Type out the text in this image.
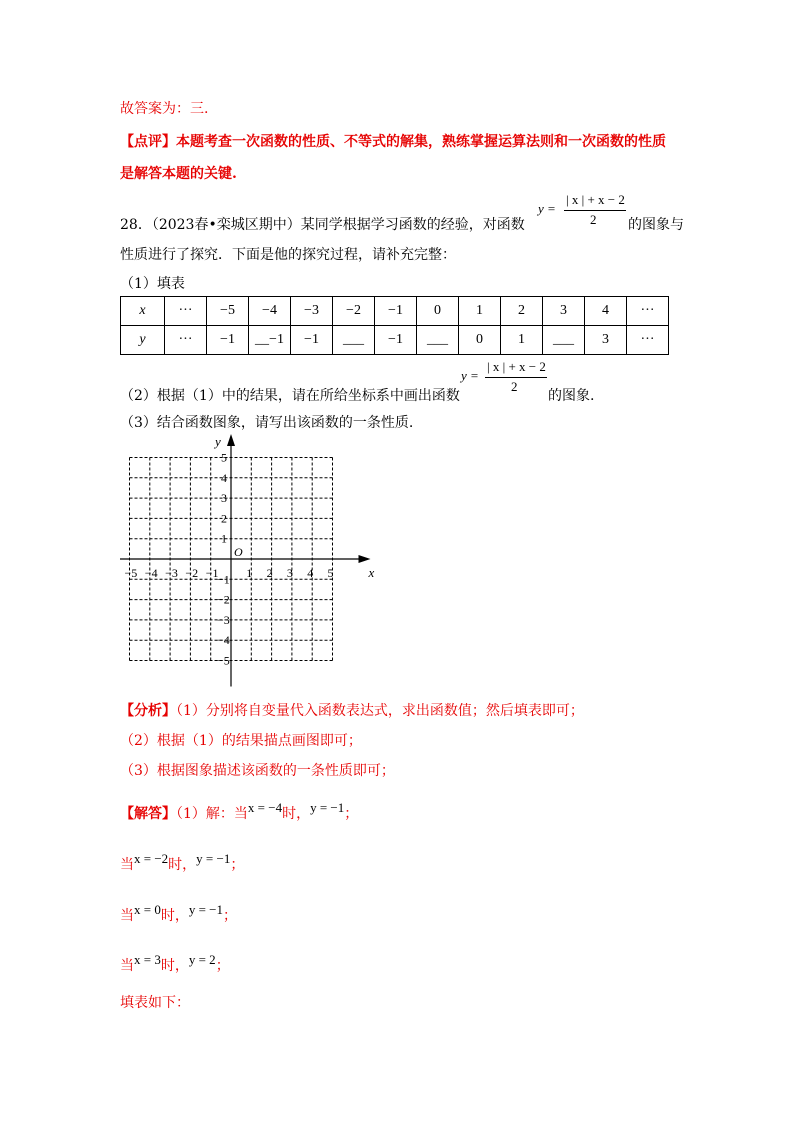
故答案为：三.
【点评】本题考查一次函数的性质、不等式的解集，熟练掌握运算法则和一次函数的性质
是解答本题的关键.
28．（2023春•栾城区期中）某同学根据学习函数的经验，对函数
y =
| x | + x − 2
2 的图象与
性质进行了探究．下面是他的探究过程，请补充完整：
（1）填表
x	···	−5	−4	−3	−2	−1	0	1	2	3	4	···
y	···	−1	__−1	−1	___	−1	___	0	1	___	3	···
（2）根据（1）中的结果，请在所给坐标系中画出函数
y =
| x | + x − 2
2
的图象.
（3）结合函数图象，请写出该函数的一条性质.
x
y
O
−5 −4 −3 −2 −1 1 2 3 4 5
5
4
3
2
1
−1
−2
−3
−4
−5
【分析】（1）分别将自变量代入函数表达式，求出函数值；然后填表即可；
（2）根据（1）的结果描点画图即可；
（3）根据图象描述该函数的一条性质即可；
【解答】（1）解：当x = −4时，y = −1；
当x = −2时，y = −1；
当x = 0时，y = −1；
当x = 3时，y = 2；
填表如下：
